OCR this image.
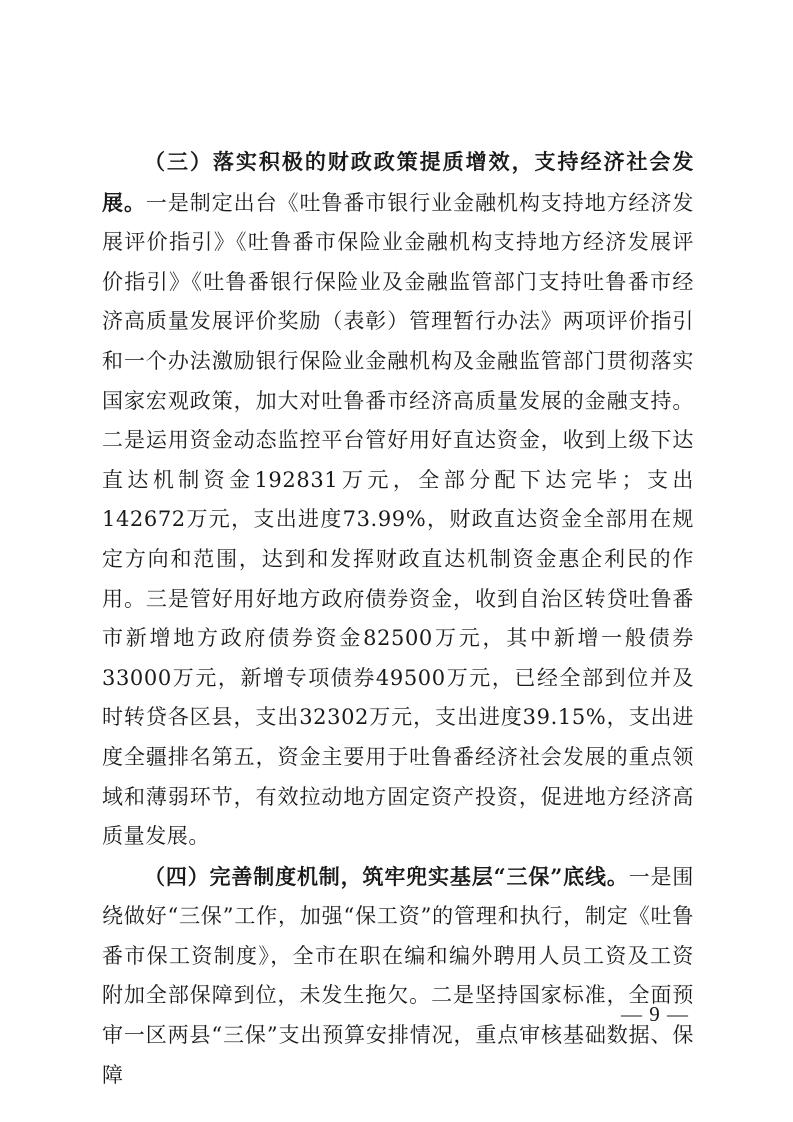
（三）落实积极的财政政策提质增效，支持经济社会发展。一是制定出台《吐鲁番市银行业金融机构支持地方经济发展评价指引》《吐鲁番市保险业金融机构支持地方经济发展评价指引》《吐鲁番银行保险业及金融监管部门支持吐鲁番市经济高质量发展评价奖励（表彰）管理暂行办法》两项评价指引和一个办法激励银行保险业金融机构及金融监管部门贯彻落实国家宏观政策，加大对吐鲁番市经济高质量发展的金融支持。二是运用资金动态监控平台管好用好直达资金，收到上级下达直达机制资金192831万元，全部分配下达完毕；支出142672万元，支出进度73.99%，财政直达资金全部用在规定方向和范围，达到和发挥财政直达机制资金惠企利民的作用。三是管好用好地方政府债券资金，收到自治区转贷吐鲁番市新增地方政府债券资金82500万元，其中新增一般债券33000万元，新增专项债券49500万元，已经全部到位并及时转贷各区县，支出32302万元，支出进度39.15%，支出进度全疆排名第五，资金主要用于吐鲁番经济社会发展的重点领域和薄弱环节，有效拉动地方固定资产投资，促进地方经济高质量发展。

（四）完善制度机制，筑牢兜实基层“三保”底线。一是围绕做好“三保”工作，加强“保工资”的管理和执行，制定《吐鲁番市保工资制度》，全市在职在编和编外聘用人员工资及工资附加全部保障到位，未发生拖欠。二是坚持国家标准，全面预审一区两县“三保”支出预算安排情况，重点审核基础数据、保障

— 9 —
